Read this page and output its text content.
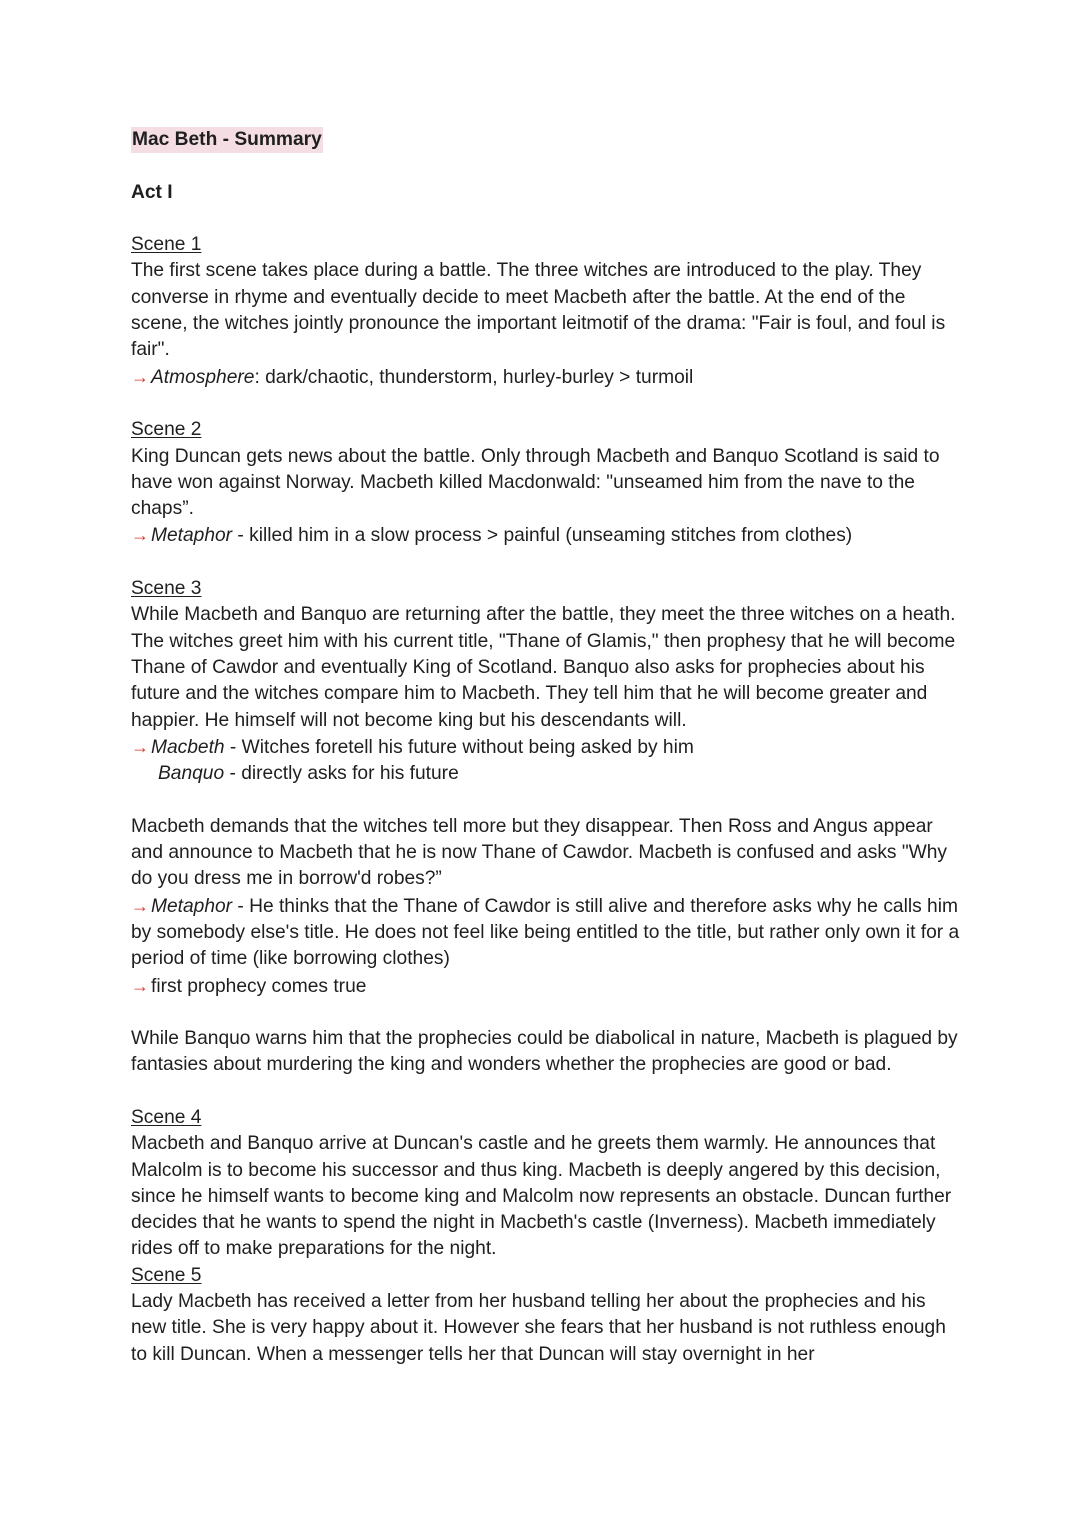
Mac Beth - Summary

Act I

Scene 1

The first scene takes place during a battle. The three witches are introduced to the play. They converse in rhyme and eventually decide to meet Macbeth after the battle. At the end of the scene, the witches jointly pronounce the important leitmotif of the drama: "Fair is foul, and foul is fair".

→ Atmosphere: dark/chaotic, thunderstorm, hurley-burley > turmoil

Scene 2

King Duncan gets news about the battle. Only through Macbeth and Banquo Scotland is said to have won against Norway. Macbeth killed Macdonwald: "unseamed him from the nave to the chaps”.

→ Metaphor - killed him in a slow process > painful (unseaming stitches from clothes)

Scene 3

While Macbeth and Banquo are returning after the battle, they meet the three witches on a heath. The witches greet him with his current title, "Thane of Glamis," then prophesy that he will become Thane of Cawdor and eventually King of Scotland. Banquo also asks for prophecies about his future and the witches compare him to Macbeth. They tell him that he will become greater and happier. He himself will not become king but his descendants will.

→ Macbeth - Witches foretell his future without being asked by him

Banquo - directly asks for his future

Macbeth demands that the witches tell more but they disappear. Then Ross and Angus appear and announce to Macbeth that he is now Thane of Cawdor. Macbeth is confused and asks "Why do you dress me in borrow'd robes?”

→ Metaphor - He thinks that the Thane of Cawdor is still alive and therefore asks why he calls him by somebody else's title. He does not feel like being entitled to the title, but rather only own it for a period of time (like borrowing clothes)

→ first prophecy comes true

While Banquo warns him that the prophecies could be diabolical in nature, Macbeth is plagued by fantasies about murdering the king and wonders whether the prophecies are good or bad.

Scene 4

Macbeth and Banquo arrive at Duncan's castle and he greets them warmly. He announces that Malcolm is to become his successor and thus king. Macbeth is deeply angered by this decision, since he himself wants to become king and Malcolm now represents an obstacle. Duncan further decides that he wants to spend the night in Macbeth's castle (Inverness). Macbeth immediately rides off to make preparations for the night.

Scene 5

Lady Macbeth has received a letter from her husband telling her about the prophecies and his new title. She is very happy about it. However she fears that her husband is not ruthless enough to kill Duncan. When a messenger tells her that Duncan will stay overnight in her
